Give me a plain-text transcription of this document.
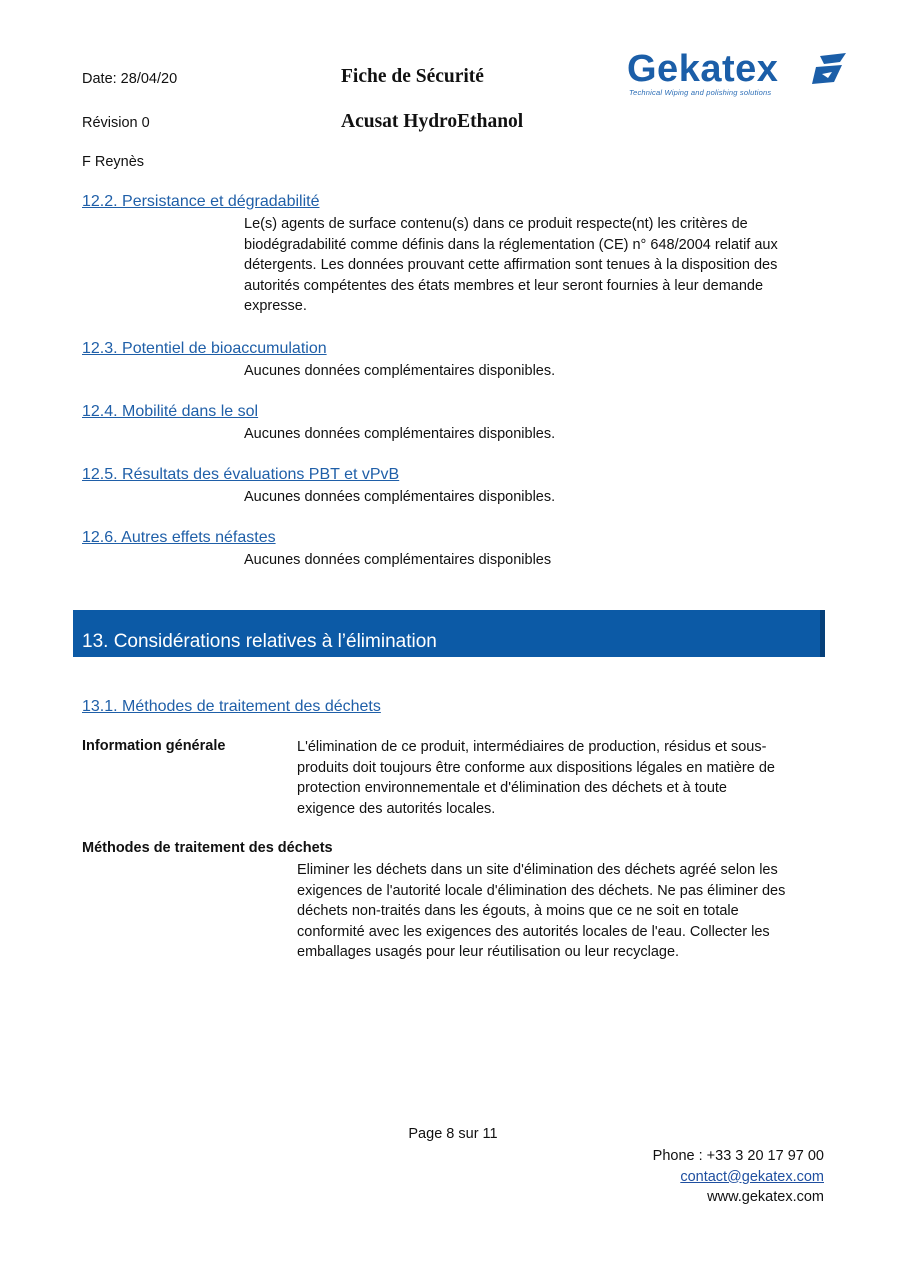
Date: 28/04/20
Révision 0
F Reynès
Fiche de Sécurité
Acusat HydroEthanol
Gekatex
Technical Wiping and polishing solutions
12.2. Persistance et dégradabilité
Le(s) agents de surface contenu(s) dans ce produit respecte(nt) les critères de
biodégradabilité comme définis dans la réglementation (CE) n° 648/2004 relatif aux
détergents. Les données prouvant cette affirmation sont tenues à la disposition des
autorités compétentes des états membres et leur seront fournies à leur demande
expresse.
12.3. Potentiel de bioaccumulation
Aucunes données complémentaires disponibles.
12.4. Mobilité dans le sol
Aucunes données complémentaires disponibles.
12.5. Résultats des évaluations PBT et vPvB
Aucunes données complémentaires disponibles.
12.6. Autres effets néfastes
Aucunes données complémentaires disponibles
13. Considérations relatives à l’élimination
13.1. Méthodes de traitement des déchets
Information générale	L'élimination de ce produit, intermédiaires de production, résidus et sous-
produits doit toujours être conforme aux dispositions légales en matière de
protection environnementale et d'élimination des déchets et à toute
exigence des autorités locales.
Méthodes de traitement des déchets
Eliminer les déchets dans un site d'élimination des déchets agréé selon les
exigences de l'autorité locale d'élimination des déchets. Ne pas éliminer des
déchets non-traités dans les égouts, à moins que ce ne soit en totale
conformité avec les exigences des autorités locales de l'eau. Collecter les
emballages usagés pour leur réutilisation ou leur recyclage.
Page 8 sur 11
Phone : +33 3 20 17 97 00
contact@gekatex.com
www.gekatex.com
